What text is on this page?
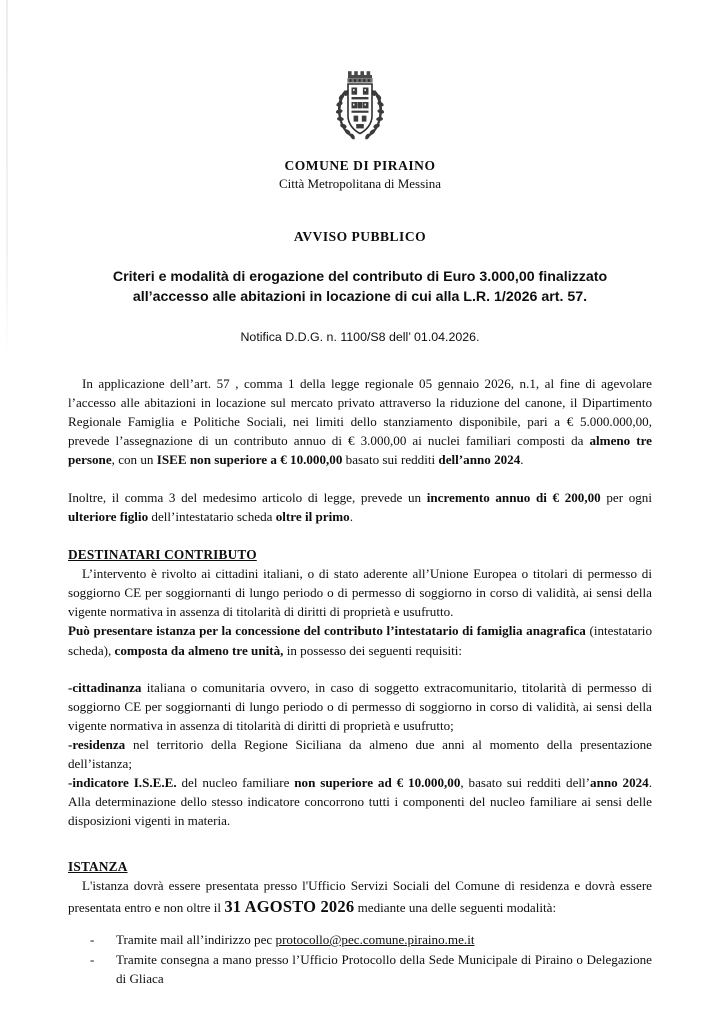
COMUNE DI PIRAINO
Città Metropolitana di Messina
AVVISO PUBBLICO
Criteri e modalità di erogazione del contributo di Euro 3.000,00 finalizzato all’accesso alle abitazioni in locazione di cui alla L.R. 1/2026 art. 57.
Notifica D.D.G. n. 1100/S8 dell’ 01.04.2026.

In applicazione dell’art. 57 , comma 1 della legge regionale 05 gennaio 2026, n.1, al fine di agevolare l’accesso alle abitazioni in locazione sul mercato privato attraverso la riduzione del canone, il Dipartimento Regionale Famiglia e Politiche Sociali, nei limiti dello stanziamento disponibile, pari a € 5.000.000,00, prevede l’assegnazione di un contributo annuo di € 3.000,00 ai nuclei familiari composti da almeno tre persone, con un ISEE non superiore a € 10.000,00 basato sui redditi dell’anno 2024.

Inoltre, il comma 3 del medesimo articolo di legge, prevede un incremento annuo di € 200,00 per ogni ulteriore figlio dell’intestatario scheda oltre il primo.

DESTINATARI CONTRIBUTO

L’intervento è rivolto ai cittadini italiani, o di stato aderente all’Unione Europea o titolari di permesso di soggiorno CE per soggiornanti di lungo periodo o di permesso di soggiorno in corso di validità, ai sensi della vigente normativa in assenza di titolarità di diritti di proprietà e usufrutto.

Può presentare istanza per la concessione del contributo l’intestatario di famiglia anagrafica (intestatario scheda), composta da almeno tre unità, in possesso dei seguenti requisiti:

-cittadinanza italiana o comunitaria ovvero, in caso di soggetto extracomunitario, titolarità di permesso di soggiorno CE per soggiornanti di lungo periodo o di permesso di soggiorno in corso di validità, ai sensi della vigente normativa in assenza di titolarità di diritti di proprietà e usufrutto;

-residenza nel territorio della Regione Siciliana da almeno due anni al momento della presentazione dell’istanza;

-indicatore I.S.E.E. del nucleo familiare non superiore ad € 10.000,00, basato sui redditi dell’anno 2024. Alla determinazione dello stesso indicatore concorrono tutti i componenti del nucleo familiare ai sensi delle disposizioni vigenti in materia.

ISTANZA

L'istanza dovrà essere presentata presso l'Ufficio Servizi Sociali del Comune di residenza e dovrà essere presentata entro e non oltre il 31 AGOSTO 2026 mediante una delle seguenti modalità:

-	Tramite mail all’indirizzo pec protocollo@pec.comune.piraino.me.it
-	Tramite consegna a mano presso l’Ufficio Protocollo della Sede Municipale di Piraino o Delegazione di Gliaca
